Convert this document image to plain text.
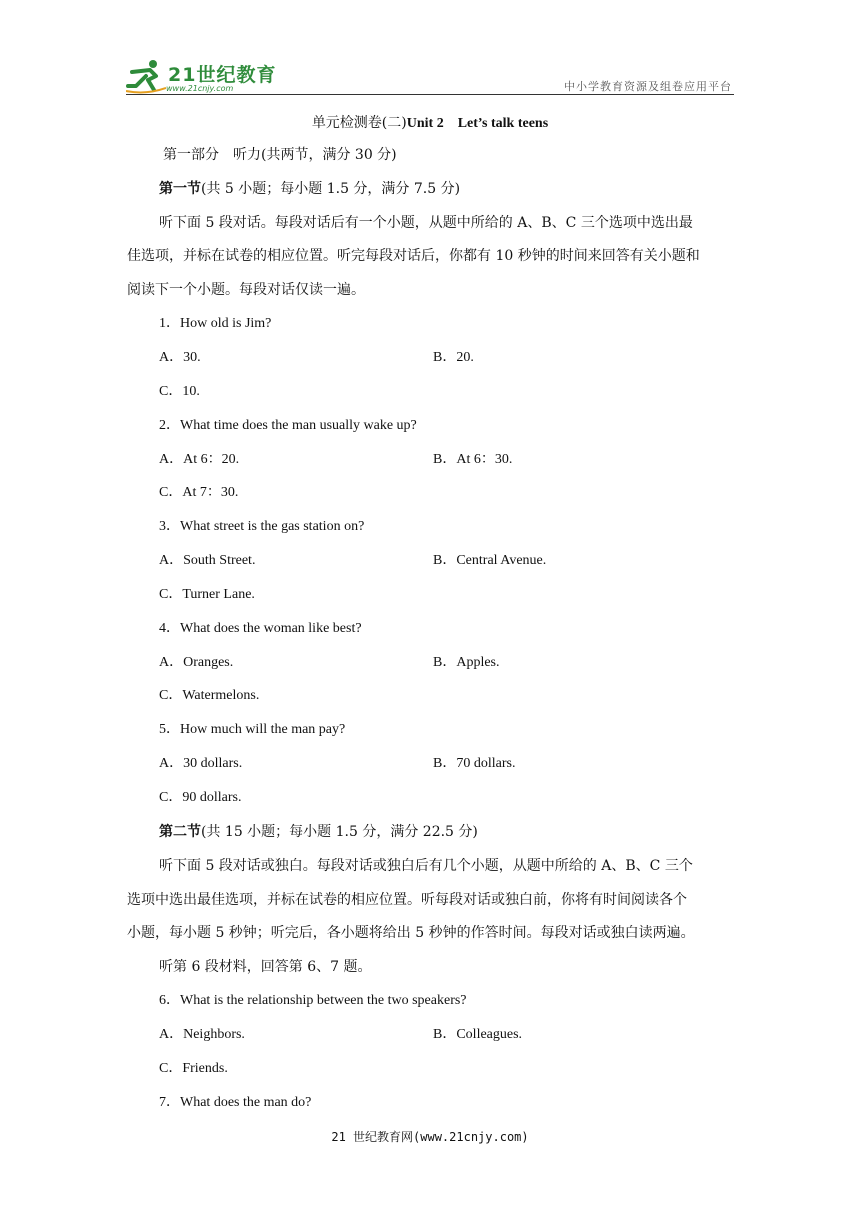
21世纪教育
www.21cnjy.com	中小学教育资源及组卷应用平台
单元检测卷(二)Unit 2　Let’s talk teens
第一部分　听力(共两节，满分 30 分)
第一节(共 5 小题；每小题 1.5 分，满分 7.5 分)
听下面 5 段对话。每段对话后有一个小题，从题中所给的 A、B、C 三个选项中选出最
佳选项，并标在试卷的相应位置。听完每段对话后，你都有 10 秒钟的时间来回答有关小题和
阅读下一个小题。每段对话仅读一遍。
1．How old is Jim?
A．30.	B．20.
C．10.
2．What time does the man usually wake up?
A．At 6：20.	B．At 6：30.
C．At 7：30.
3．What street is the gas station on?
A．South Street.	B．Central Avenue.
C．Turner Lane.
4．What does the woman like best?
A．Oranges.	B．Apples.
C．Watermelons.
5．How much will the man pay?
A．30 dollars.	B．70 dollars.
C．90 dollars.
第二节(共 15 小题；每小题 1.5 分，满分 22.5 分)
听下面 5 段对话或独白。每段对话或独白后有几个小题，从题中所给的 A、B、C 三个
选项中选出最佳选项，并标在试卷的相应位置。听每段对话或独白前，你将有时间阅读各个
小题，每小题 5 秒钟；听完后，各小题将给出 5 秒钟的作答时间。每段对话或独白读两遍。
听第 6 段材料，回答第 6、7 题。
6．What is the relationship between the two speakers?
A．Neighbors.	B．Colleagues.
C．Friends.
7．What does the man do?
21 世纪教育网(www.21cnjy.com)
